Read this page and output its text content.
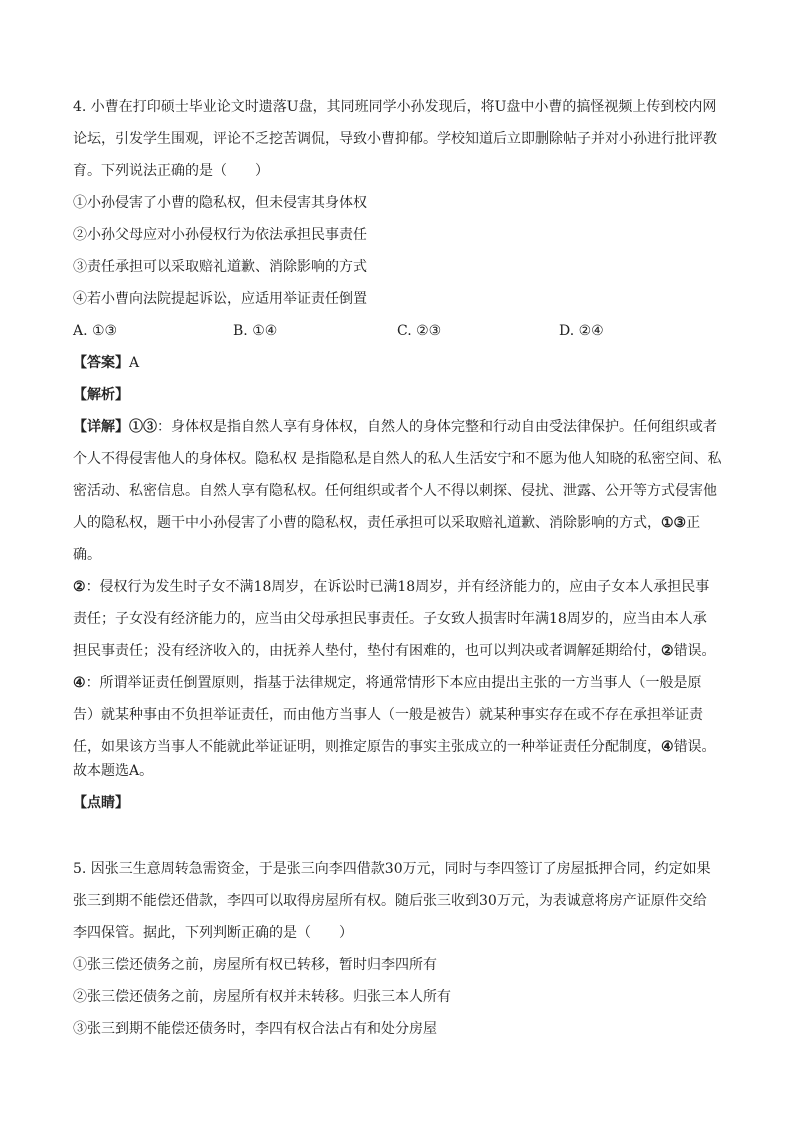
4. 小曹在打印硕士毕业论文时遗落U盘，其同班同学小孙发现后，将U盘中小曹的搞怪视频上传到校内网
论坛，引发学生围观，评论不乏挖苦调侃，导致小曹抑郁。学校知道后立即删除帖子并对小孙进行批评教
育。下列说法正确的是（　　）
①小孙侵害了小曹的隐私权，但未侵害其身体权
②小孙父母应对小孙侵权行为依法承担民事责任
③责任承担可以采取赔礼道歉、消除影响的方式
④若小曹向法院提起诉讼，应适用举证责任倒置
A. ①③	B. ①④	C. ②③	D. ②④
【答案】A
【解析】
【详解】①③：身体权是指自然人享有身体权，自然人的身体完整和行动自由受法律保护。任何组织或者
个人不得侵害他人的身体权。隐私权 是指隐私是自然人的私人生活安宁和不愿为他人知晓的私密空间、私
密活动、私密信息。自然人享有隐私权。任何组织或者个人不得以刺探、侵扰、泄露、公开等方式侵害他
人的隐私权，题干中小孙侵害了小曹的隐私权，责任承担可以采取赔礼道歉、消除影响的方式，①③正
确。
②：侵权行为发生时子女不满18周岁，在诉讼时已满18周岁，并有经济能力的，应由子女本人承担民事
责任；子女没有经济能力的，应当由父母承担民事责任。子女致人损害时年满18周岁的，应当由本人承
担民事责任；没有经济收入的，由抚养人垫付，垫付有困难的，也可以判决或者调解延期给付，②错误。
④：所谓举证责任倒置原则，指基于法律规定，将通常情形下本应由提出主张的一方当事人（一般是原
告）就某种事由不负担举证责任，而由他方当事人（一般是被告）就某种事实存在或不存在承担举证责
任，如果该方当事人不能就此举证证明，则推定原告的事实主张成立的一种举证责任分配制度，④错误。
故本题选A。
【点睛】
5. 因张三生意周转急需资金，于是张三向李四借款30万元，同时与李四签订了房屋抵押合同，约定如果
张三到期不能偿还借款，李四可以取得房屋所有权。随后张三收到30万元，为表诚意将房产证原件交给
李四保管。据此，下列判断正确的是（　　）
①张三偿还债务之前，房屋所有权已转移，暂时归李四所有
②张三偿还债务之前，房屋所有权并未转移。归张三本人所有
③张三到期不能偿还债务时，李四有权合法占有和处分房屋
